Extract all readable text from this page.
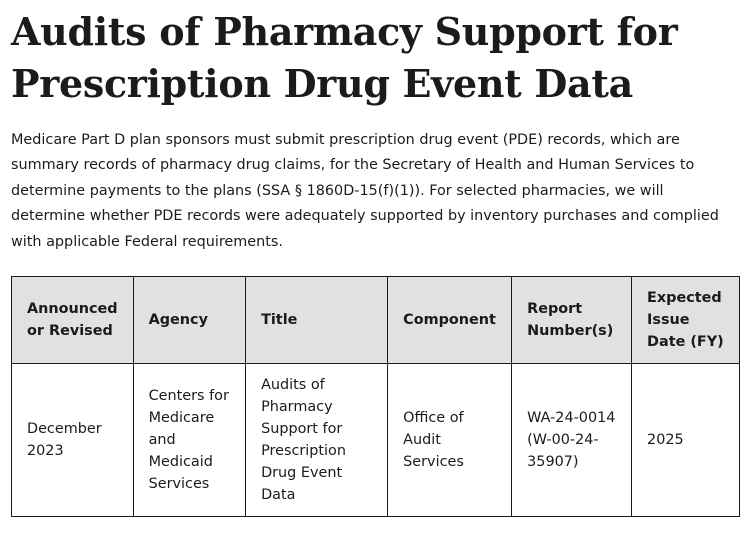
Audits of Pharmacy Support for Prescription Drug Event Data

Medicare Part D plan sponsors must submit prescription drug event (PDE) records, which are summary records of pharmacy drug claims, for the Secretary of Health and Human Services to determine payments to the plans (SSA § 1860D-15(f)(1)). For selected pharmacies, we will determine whether PDE records were adequately supported by inventory purchases and complied with applicable Federal requirements.

Announced or Revised	Agency	Title	Component	Report Number(s)	Expected Issue Date (FY)
December 2023	Centers for Medicare and Medicaid Services	Audits of Pharmacy Support for Prescription Drug Event Data	Office of Audit Services	WA-24-0014 (W-00-24-35907)	2025
